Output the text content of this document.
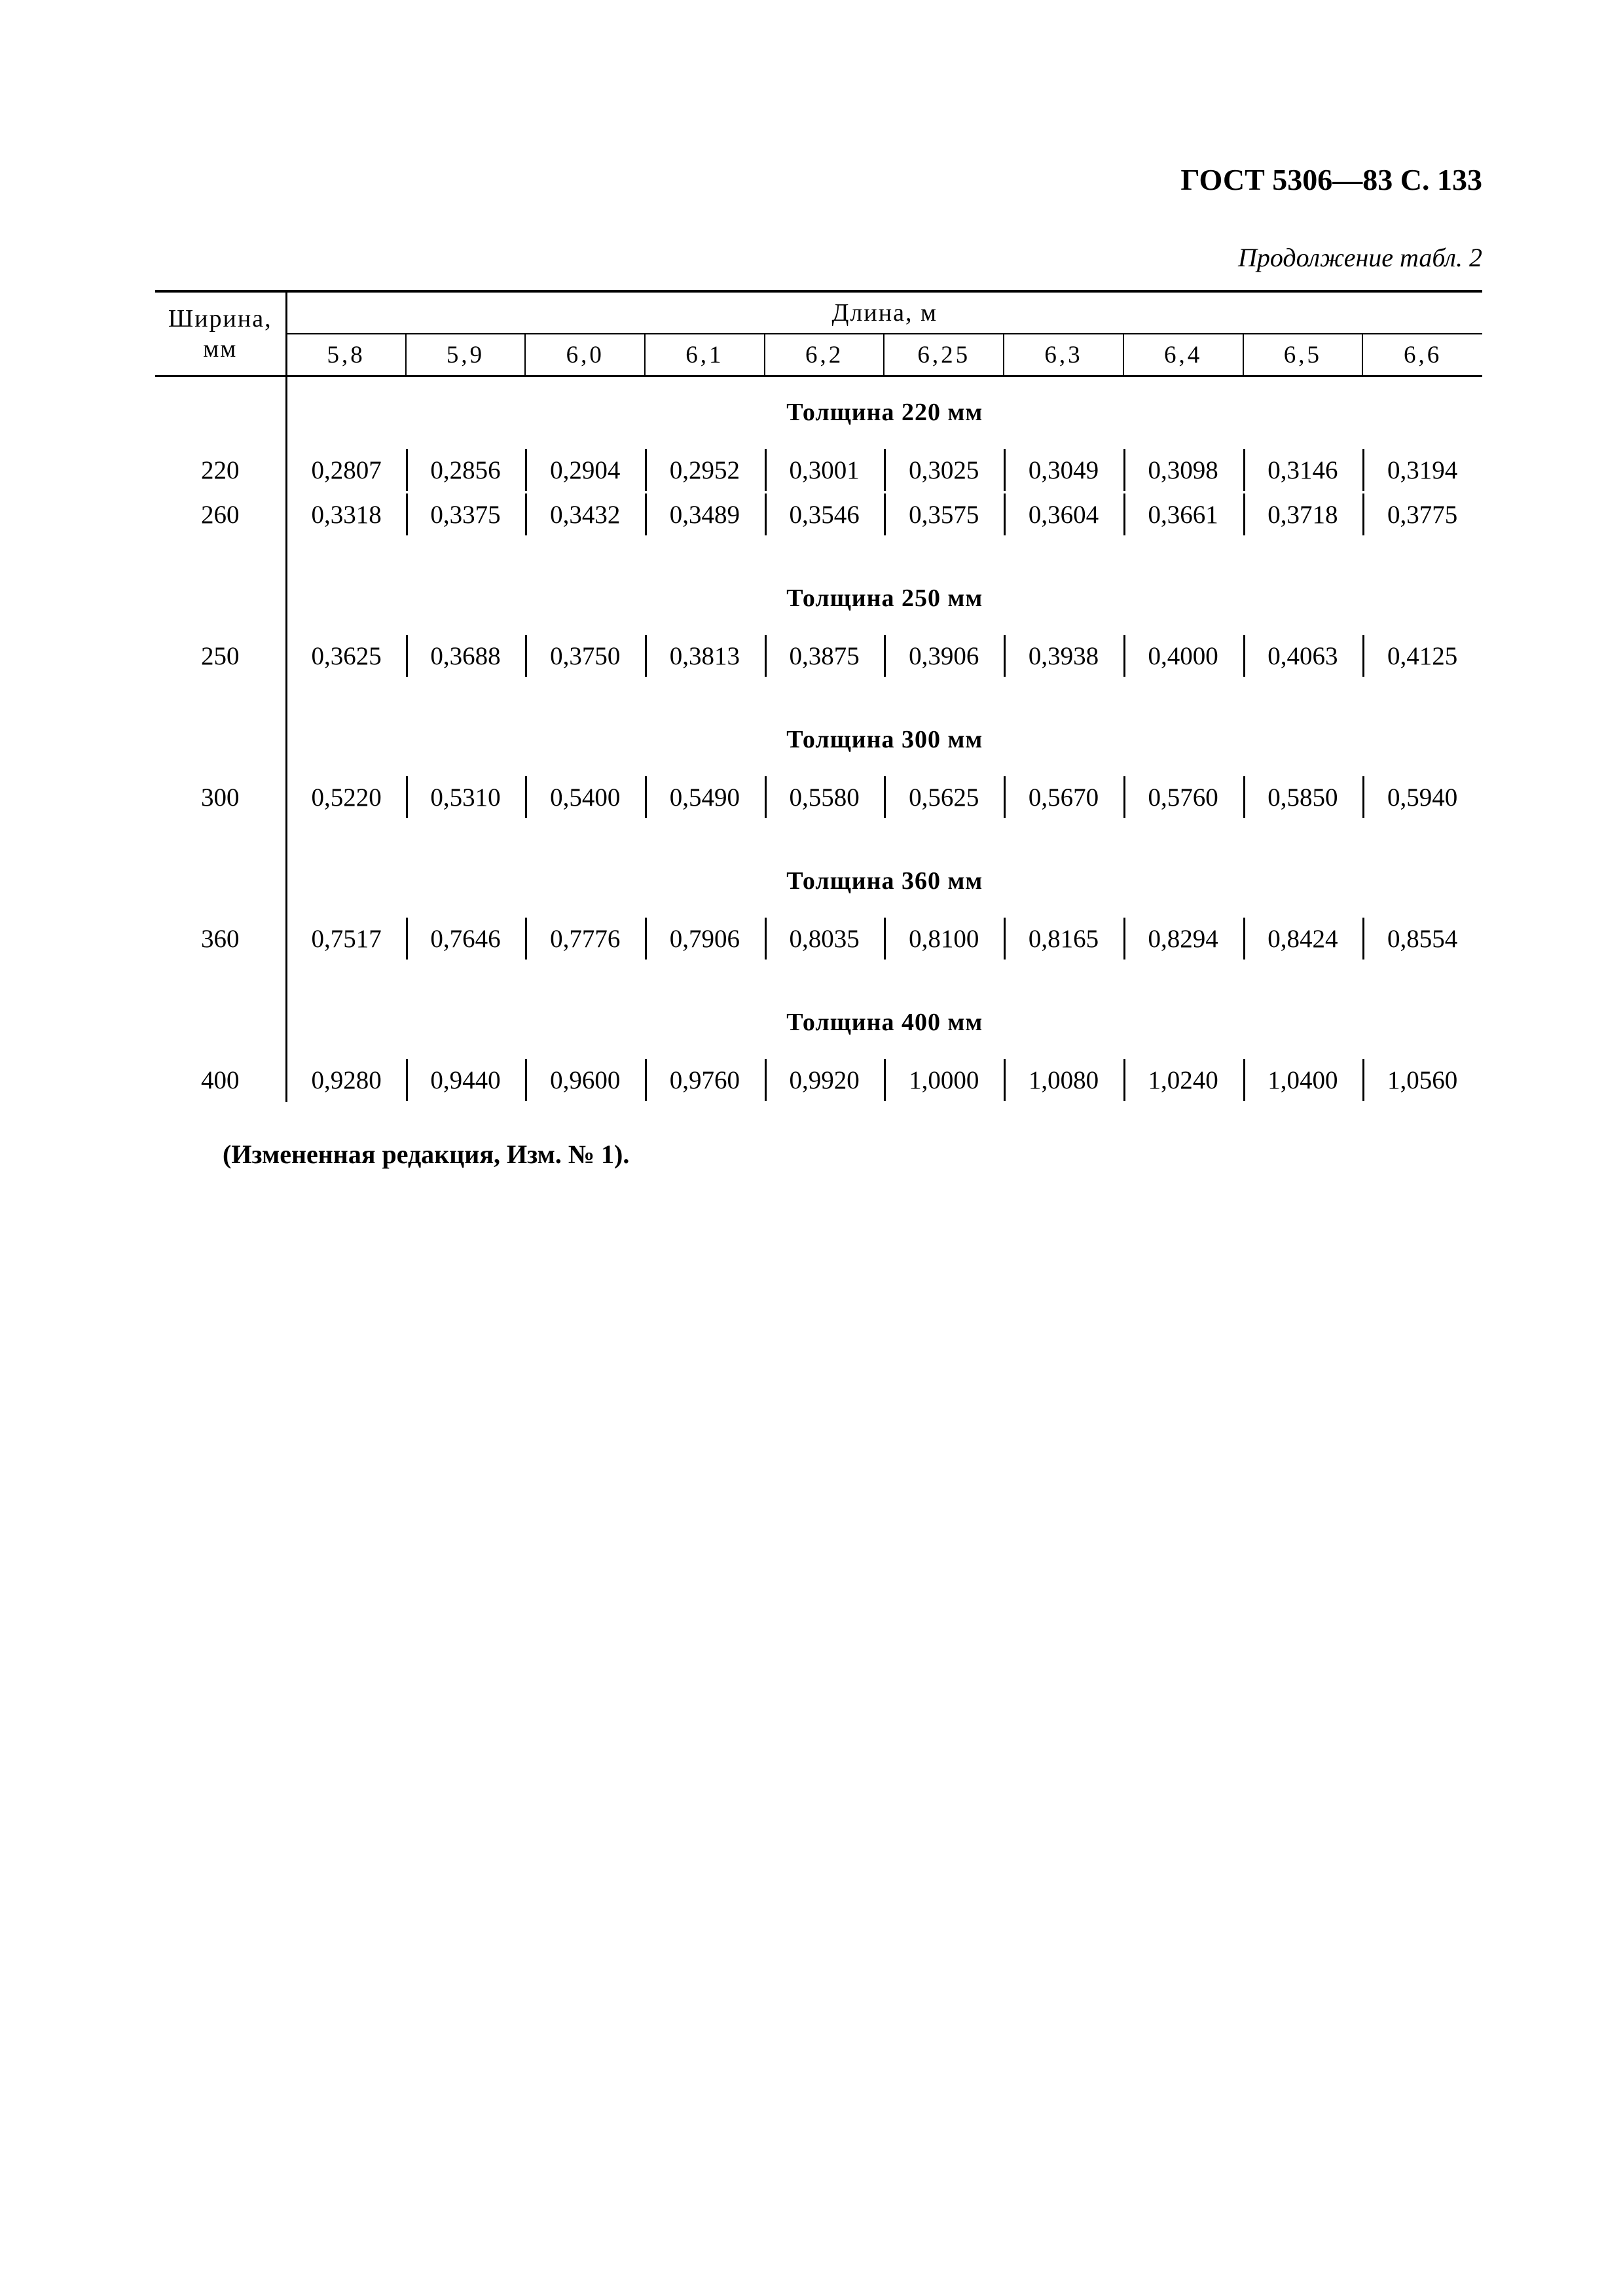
ГОСТ 5306—83 С. 133
Продолжение табл. 2
Ширина, мм	Длина, м									
	5,8	5,9	6,0	6,1	6,2	6,25	6,3	6,4	6,5	6,6
	Толщина 220 мм									
220	0,2807	0,2856	0,2904	0,2952	0,3001	0,3025	0,3049	0,3098	0,3146	0,3194
260	0,3318	0,3375	0,3432	0,3489	0,3546	0,3575	0,3604	0,3661	0,3718	0,3775

	Толщина 250 мм									
250	0,3625	0,3688	0,3750	0,3813	0,3875	0,3906	0,3938	0,4000	0,4063	0,4125

	Толщина 300 мм									
300	0,5220	0,5310	0,5400	0,5490	0,5580	0,5625	0,5670	0,5760	0,5850	0,5940

	Толщина 360 мм									
360	0,7517	0,7646	0,7776	0,7906	0,8035	0,8100	0,8165	0,8294	0,8424	0,8554

	Толщина 400 мм									
400	0,9280	0,9440	0,9600	0,9760	0,9920	1,0000	1,0080	1,0240	1,0400	1,0560
(Измененная редакция, Изм. № 1).
